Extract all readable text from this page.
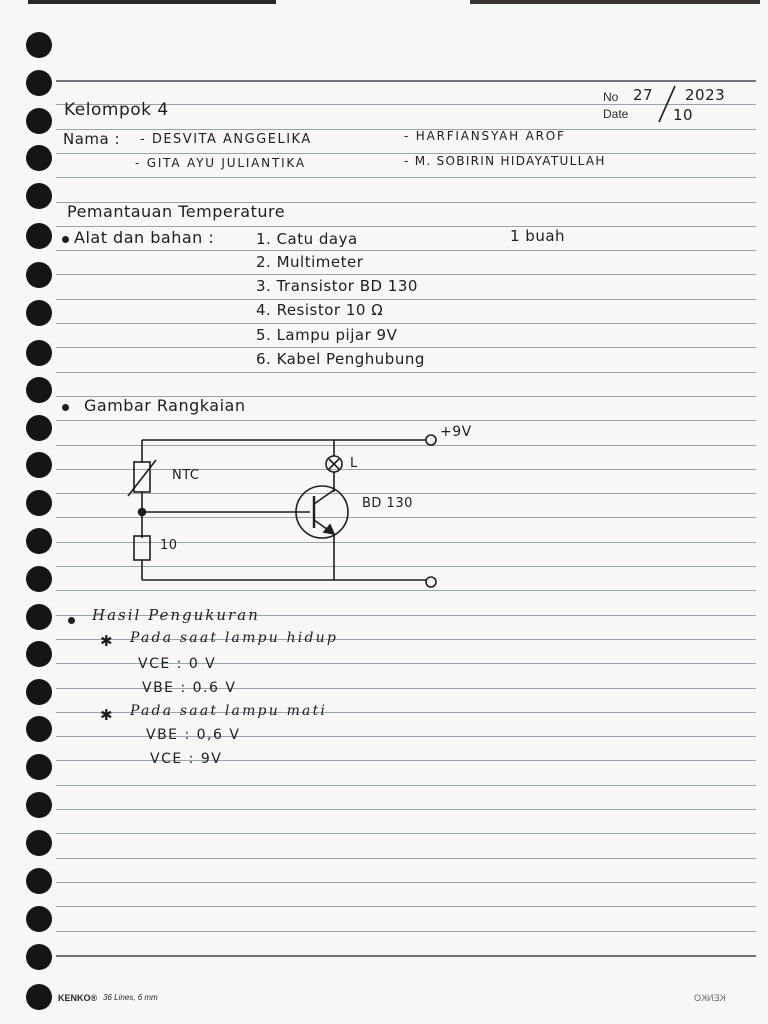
No
Date
27
10
2023
Kelompok 4
Nama : - DESVITA ANGGELIKA
- GITA AYU JULIANTIKA
- HARFIANSYAH AROF
- M. SOBIRIN HIDAYATULLAH
Pemantauan Temperature
Alat dan bahan :	1. Catu daya	1 buah
2. Multimeter
3. Transistor BD 130
4. Resistor 10 Ω
5. Lampu pijar 9V
6. Kabel Penghubung
Gambar Rangkaian
+9V
L
NTC
10
BD 130
Hasil Pengukuran
✱ Pada saat lampu hidup
VCE : 0 V
VBE : 0.6 V
✱ Pada saat lampu mati
VBE : 0,6 V
VCE : 9V
KENKO® 36 Lines, 6 mm	KENKO
